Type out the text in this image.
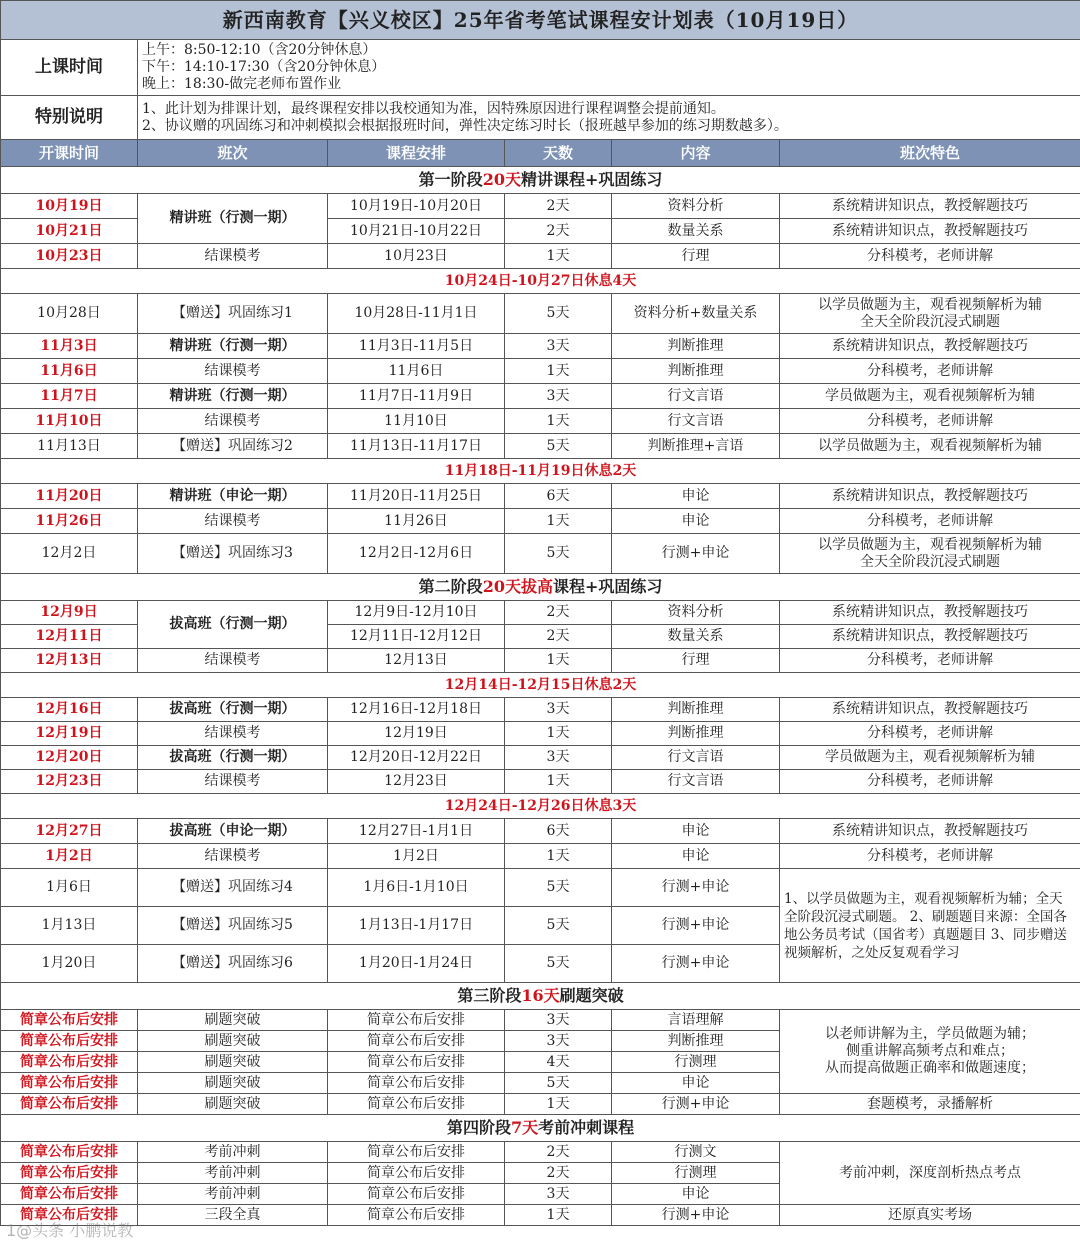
新西南教育【兴义校区】25年省考笔试课程安计划表（10月19日）					
上课时间	上午：8:50-12:10（含20分钟休息）
下午：14:10-17:30（含20分钟休息）
晚上：18:30-做完老师布置作业				

特别说明	1、此计划为排课计划，最终课程安排以我校通知为准，因特殊原因进行课程调整会提前通知。
2、协议赠的巩固练习和冲刺模拟会根据报班时间，弹性决定练习时长（报班越早参加的练习期数越多）。				

开课时间	班次	课程安排	天数	内容	班次特色
第一阶段20天精讲课程+巩固练习					
10月19日	精讲班（行测一期）	10月19日-10月20日	2天	资料分析	系统精讲知识点，教授解题技巧
10月21日		10月21日-10月22日	2天	数量关系	系统精讲知识点，教授解题技巧
10月23日	结课模考	10月23日	1天	行理	分科模考，老师讲解
10月24日-10月27日休息4天					
10月28日	【赠送】巩固练习1	10月28日-11月1日	5天	资料分析+数量关系	以学员做题为主，观看视频解析为辅
全天全阶段沉浸式刷题

11月3日	精讲班（行测一期）	11月3日-11月5日	3天	判断推理	系统精讲知识点，教授解题技巧
11月6日	结课模考	11月6日	1天	判断推理	分科模考，老师讲解
11月7日	精讲班（行测一期）	11月7日-11月9日	3天	行文言语	学员做题为主，观看视频解析为辅
11月10日	结课模考	11月10日	1天	行文言语	分科模考，老师讲解
11月13日	【赠送】巩固练习2	11月13日-11月17日	5天	判断推理+言语	以学员做题为主，观看视频解析为辅
11月18日-11月19日休息2天					
11月20日	精讲班（申论一期）	11月20日-11月25日	6天	申论	系统精讲知识点，教授解题技巧
11月26日	结课模考	11月26日	1天	申论	分科模考，老师讲解
12月2日	【赠送】巩固练习3	12月2日-12月6日	5天	行测+申论	以学员做题为主，观看视频解析为辅
全天全阶段沉浸式刷题

第二阶段20天拔高课程+巩固练习					
12月9日	拔高班（行测一期）	12月9日-12月10日	2天	资料分析	系统精讲知识点，教授解题技巧
12月11日		12月11日-12月12日	2天	数量关系	系统精讲知识点，教授解题技巧
12月13日	结课模考	12月13日	1天	行理	分科模考，老师讲解
12月14日-12月15日休息2天					
12月16日	拔高班（行测一期）	12月16日-12月18日	3天	判断推理	系统精讲知识点，教授解题技巧
12月19日	结课模考	12月19日	1天	判断推理	分科模考，老师讲解
12月20日	拔高班（行测一期）	12月20日-12月22日	3天	行文言语	学员做题为主，观看视频解析为辅
12月23日	结课模考	12月23日	1天	行文言语	分科模考，老师讲解
12月24日-12月26日休息3天					
12月27日	拔高班（申论一期）	12月27日-1月1日	6天	申论	系统精讲知识点，教授解题技巧
1月2日	结课模考	1月2日	1天	申论	分科模考，老师讲解
1月6日	【赠送】巩固练习4	1月6日-1月10日	5天	行测+申论	1、以学员做题为主，观看视频解析为辅；全天全阶段沉浸式刷题。 2、刷题题目来源：全国各地公务员考试（国省考）真题题目 3、同步赠送视频解析，之处反复观看学习
1月13日	【赠送】巩固练习5	1月13日-1月17日	5天	行测+申论	
1月20日	【赠送】巩固练习6	1月20日-1月24日	5天	行测+申论	
第三阶段16天刷题突破					
简章公布后安排	刷题突破	简章公布后安排	3天	言语理解	以老师讲解为主，学员做题为辅；
侧重讲解高频考点和难点；
从而提高做题正确率和做题速度；

简章公布后安排	刷题突破	简章公布后安排	3天	判断推理	
简章公布后安排	刷题突破	简章公布后安排	4天	行测理	
简章公布后安排	刷题突破	简章公布后安排	5天	申论	
简章公布后安排	刷题突破	简章公布后安排	1天	行测+申论	套题模考，录播解析
第四阶段7天考前冲刺课程					
简章公布后安排	考前冲刺	简章公布后安排	2天	行测文	考前冲刺，深度剖析热点考点
简章公布后安排	考前冲刺	简章公布后安排	2天	行测理	
简章公布后安排	考前冲刺	简章公布后安排	3天	申论	
简章公布后安排	三段全真	简章公布后安排	1天	行测+申论	还原真实考场
1@头条 小鹏说教
